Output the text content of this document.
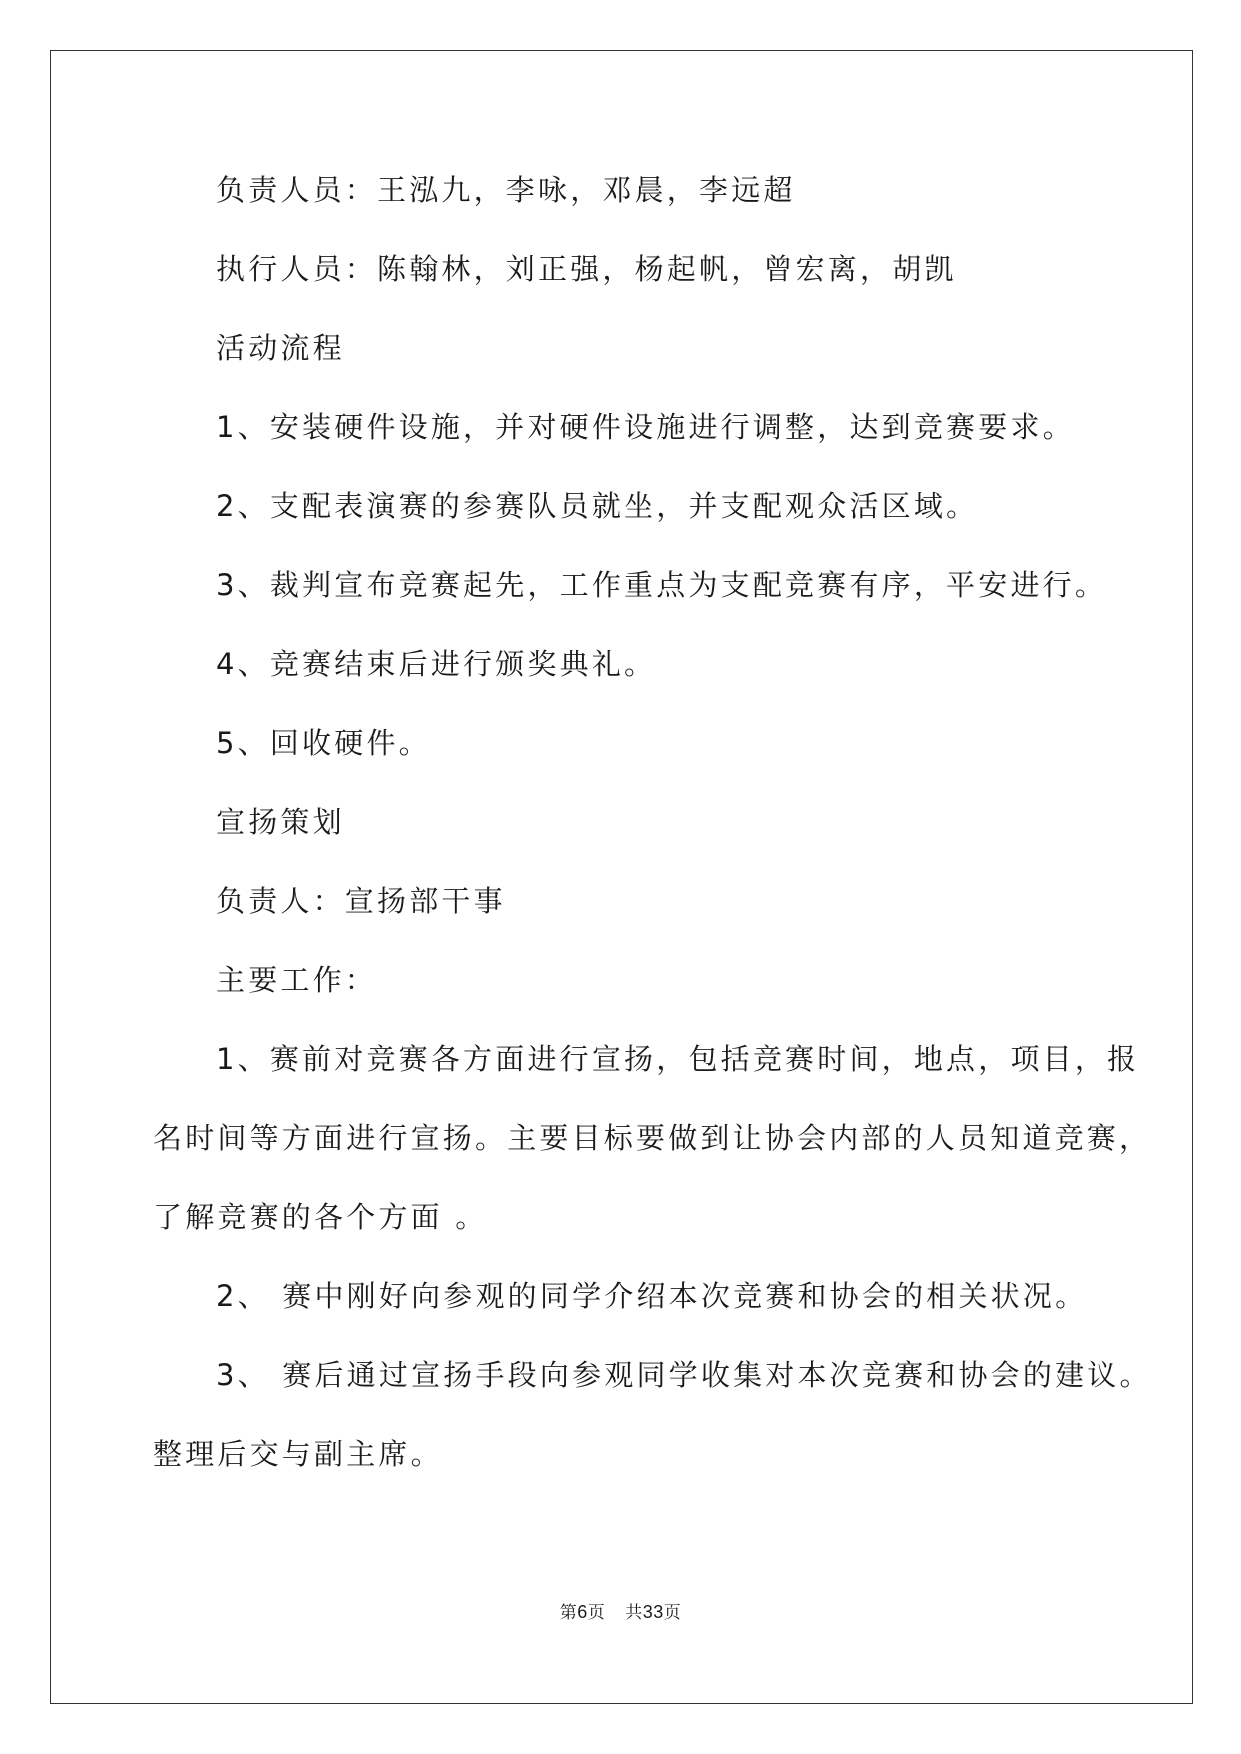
负责人员：王泓九，李咏，邓晨，李远超
执行人员：陈翰林，刘正强，杨起帆，曾宏离，胡凯
活动流程
1、安装硬件设施，并对硬件设施进行调整，达到竞赛要求。
2、支配表演赛的参赛队员就坐，并支配观众活区域。
3、裁判宣布竞赛起先，工作重点为支配竞赛有序，平安进行。
4、竞赛结束后进行颁奖典礼。
5、回收硬件。
宣扬策划
负责人：宣扬部干事
主要工作：
1、赛前对竞赛各方面进行宣扬，包括竞赛时间，地点，项目，报
名时间等方面进行宣扬。主要目标要做到让协会内部的人员知道竞赛，
了解竞赛的各个方面 。
2、 赛中刚好向参观的同学介绍本次竞赛和协会的相关状况。
3、 赛后通过宣扬手段向参观同学收集对本次竞赛和协会的建议。
整理后交与副主席。
第6页 共33页
